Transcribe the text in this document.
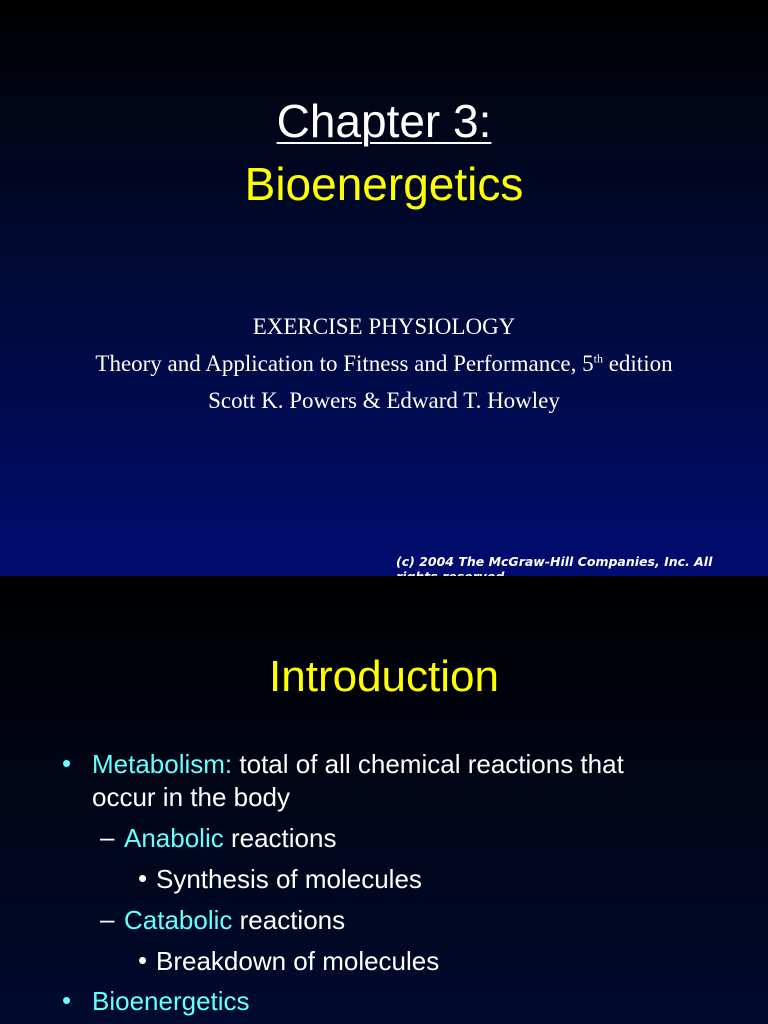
Chapter 3:
Bioenergetics
EXERCISE PHYSIOLOGY
Theory and Application to Fitness and Performance, 5th edition
Scott K. Powers & Edward T. Howley
(c) 2004 The McGraw-Hill Companies, Inc. All
Introduction
• Metabolism: total of all chemical reactions that
occur in the body
– Anabolic reactions
• Synthesis of molecules
– Catabolic reactions
• Breakdown of molecules
• Bioenergetics
